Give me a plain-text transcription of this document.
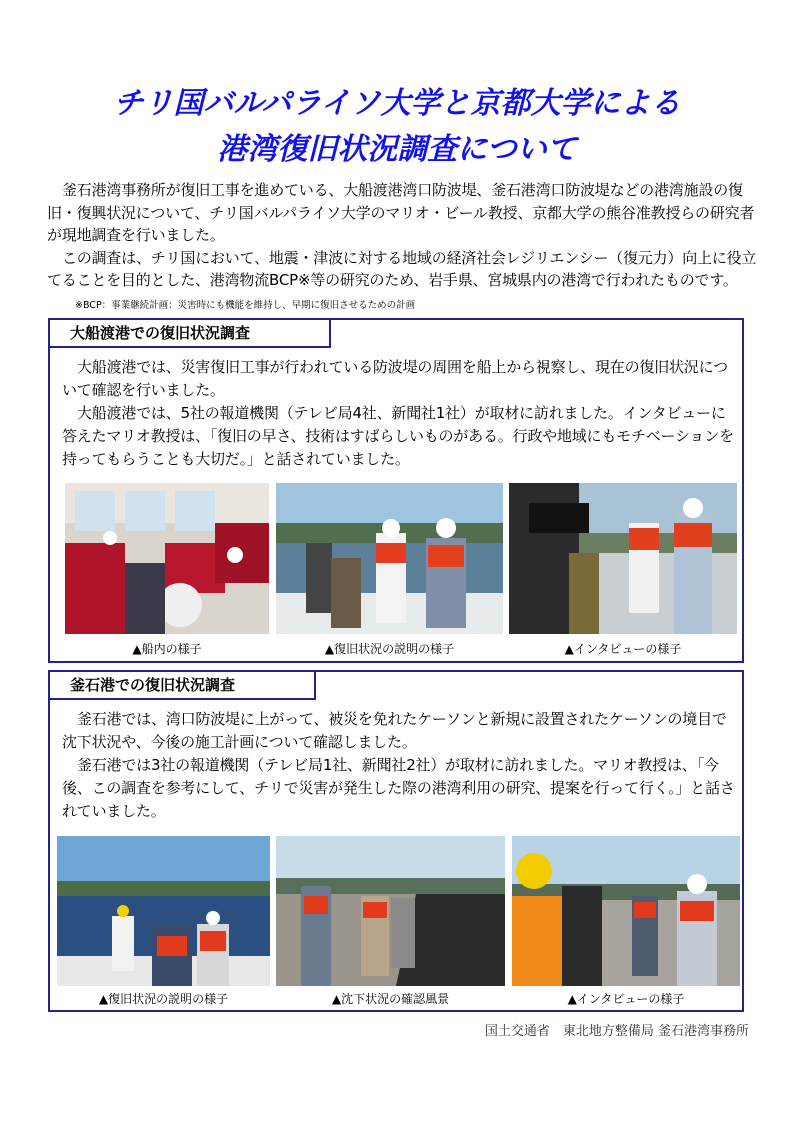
チリ国バルパライソ大学と京都大学による
港湾復旧状況調査について

釜石港湾事務所が復旧工事を進めている、大船渡港湾口防波堤、釜石港湾口防波堤などの港湾施設の復旧・復興状況について、チリ国バルパライソ大学のマリオ・ビール教授、京都大学の熊谷准教授らの研究者が現地調査を行いました。

この調査は、チリ国において、地震・津波に対する地域の経済社会レジリエンシー（復元力）向上に役立てることを目的とした、港湾物流BCP※等の研究のため、岩手県、宮城県内の港湾で行われたものです。※BCP：事業継続計画：災害時にも機能を維持し、早期に復旧させるための計画

大船渡港での復旧状況調査

大船渡港では、災害復旧工事が行われている防波堤の周囲を船上から視察し、現在の復旧状況について確認を行いました。

大船渡港では、5社の報道機関（テレビ局4社、新聞社1社）が取材に訪れました。インタビューに答えたマリオ教授は、「復旧の早さ、技術はすばらしいものがある。行政や地域にもモチベーションを持ってもらうことも大切だ。」と話されていました。

▲船内の様子	▲復旧状況の説明の様子	▲インタビューの様子
釜石港での復旧状況調査

釜石港では、湾口防波堤に上がって、被災を免れたケーソンと新規に設置されたケーソンの境目で沈下状況や、今後の施工計画について確認しました。

釜石港では3社の報道機関（テレビ局1社、新聞社2社）が取材に訪れました。マリオ教授は、「今後、この調査を参考にして、チリで災害が発生した際の港湾利用の研究、提案を行って行く。」と話されていました。

▲復旧状況の説明の様子	▲沈下状況の確認風景	▲インタビューの様子
国土交通省　東北地方整備局 釜石港湾事務所
